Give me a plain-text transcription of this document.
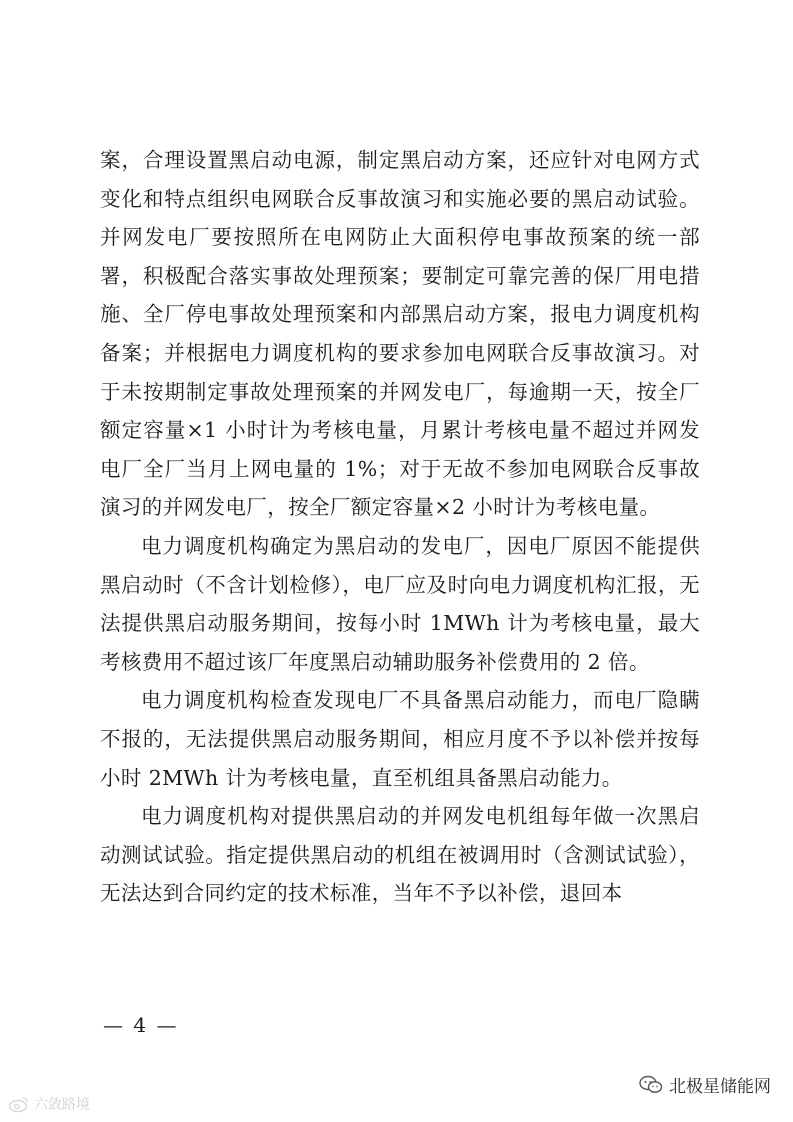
案，合理设置黑启动电源，制定黑启动方案，还应针对电网方式变化和特点组织电网联合反事故演习和实施必要的黑启动试验。并网发电厂要按照所在电网防止大面积停电事故预案的统一部署，积极配合落实事故处理预案；要制定可靠完善的保厂用电措施、全厂停电事故处理预案和内部黑启动方案，报电力调度机构备案；并根据电力调度机构的要求参加电网联合反事故演习。对于未按期制定事故处理预案的并网发电厂，每逾期一天，按全厂额定容量×1 小时计为考核电量，月累计考核电量不超过并网发电厂全厂当月上网电量的 1%；对于无故不参加电网联合反事故演习的并网发电厂，按全厂额定容量×2 小时计为考核电量。

电力调度机构确定为黑启动的发电厂，因电厂原因不能提供黑启动时（不含计划检修），电厂应及时向电力调度机构汇报，无法提供黑启动服务期间，按每小时 1MWh 计为考核电量，最大考核费用不超过该厂年度黑启动辅助服务补偿费用的 2 倍。

电力调度机构检查发现电厂不具备黑启动能力，而电厂隐瞒不报的，无法提供黑启动服务期间，相应月度不予以补偿并按每小时 2MWh 计为考核电量，直至机组具备黑启动能力。

电力调度机构对提供黑启动的并网发电机组每年做一次黑启动测试试验。指定提供黑启动的机组在被调用时（含测试试验），无法达到合同约定的技术标准，当年不予以补偿，退回本

— 4 —
北极星储能网
六敛路境
